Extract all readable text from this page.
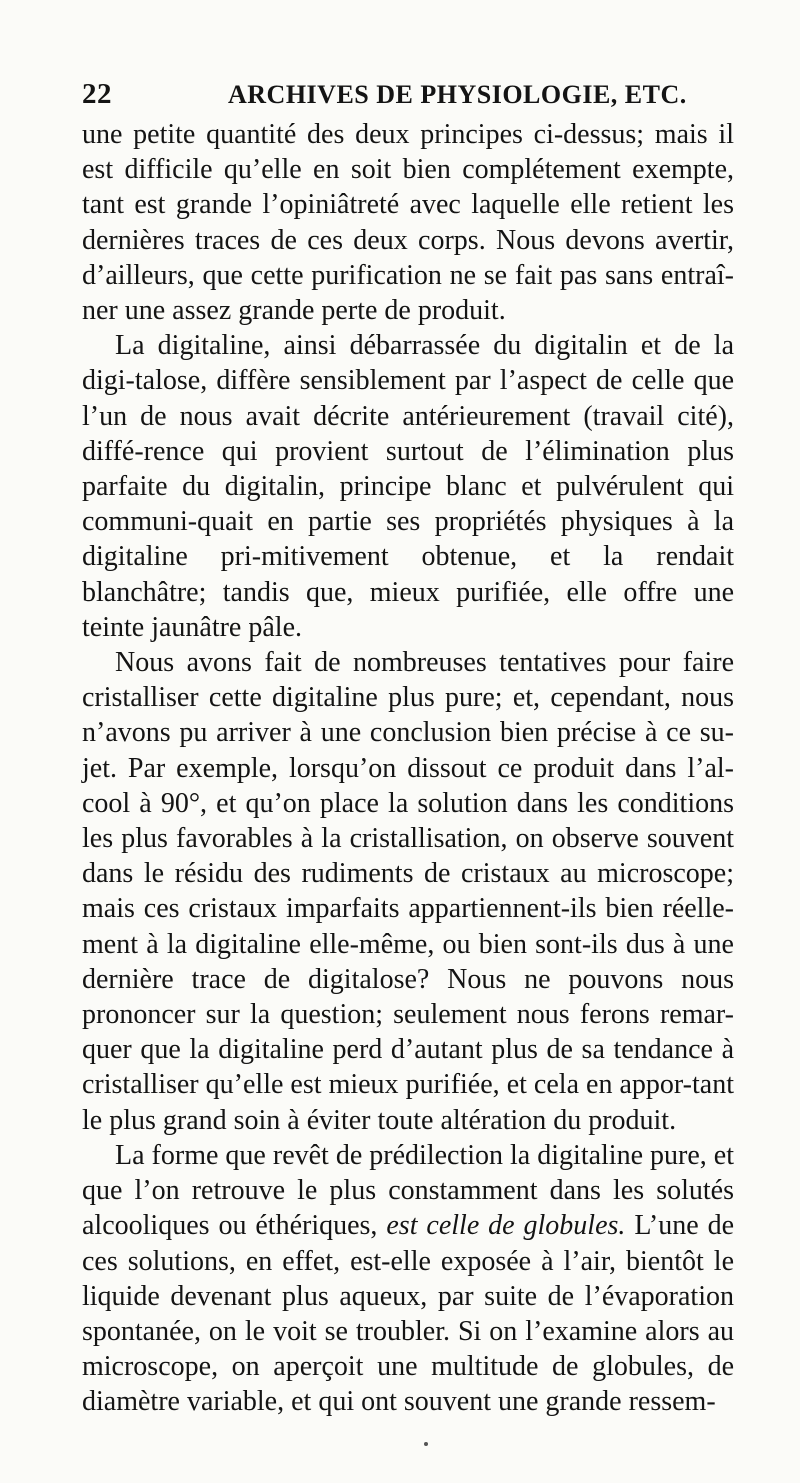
22	ARCHIVES DE PHYSIOLOGIE, ETC.

une petite quantité des deux principes ci-dessus; mais il est difficile qu’elle en soit bien complétement exempte, tant est grande l’opiniâtreté avec laquelle elle retient les dernières traces de ces deux corps. Nous devons avertir, d’ailleurs, que cette purification ne se fait pas sans entraî-ner une assez grande perte de produit.

La digitaline, ainsi débarrassée du digitalin et de la digi-talose, diffère sensiblement par l’aspect de celle que l’un de nous avait décrite antérieurement (travail cité), diffé-rence qui provient surtout de l’élimination plus parfaite du digitalin, principe blanc et pulvérulent qui communi-quait en partie ses propriétés physiques à la digitaline pri-mitivement obtenue, et la rendait blanchâtre; tandis que, mieux purifiée, elle offre une teinte jaunâtre pâle.

Nous avons fait de nombreuses tentatives pour faire cristalliser cette digitaline plus pure; et, cependant, nous n’avons pu arriver à une conclusion bien précise à ce su-jet. Par exemple, lorsqu’on dissout ce produit dans l’al-cool à 90°, et qu’on place la solution dans les conditions les plus favorables à la cristallisation, on observe souvent dans le résidu des rudiments de cristaux au microscope; mais ces cristaux imparfaits appartiennent-ils bien réelle-ment à la digitaline elle-même, ou bien sont-ils dus à une dernière trace de digitalose? Nous ne pouvons nous prononcer sur la question; seulement nous ferons remar-quer que la digitaline perd d’autant plus de sa tendance à cristalliser qu’elle est mieux purifiée, et cela en appor-tant le plus grand soin à éviter toute altération du produit.

La forme que revêt de prédilection la digitaline pure, et que l’on retrouve le plus constamment dans les solutés alcooliques ou éthériques, est celle de globules. L’une de ces solutions, en effet, est-elle exposée à l’air, bientôt le liquide devenant plus aqueux, par suite de l’évaporation spontanée, on le voit se troubler. Si on l’examine alors au microscope, on aperçoit une multitude de globules, de diamètre variable, et qui ont souvent une grande ressem-
